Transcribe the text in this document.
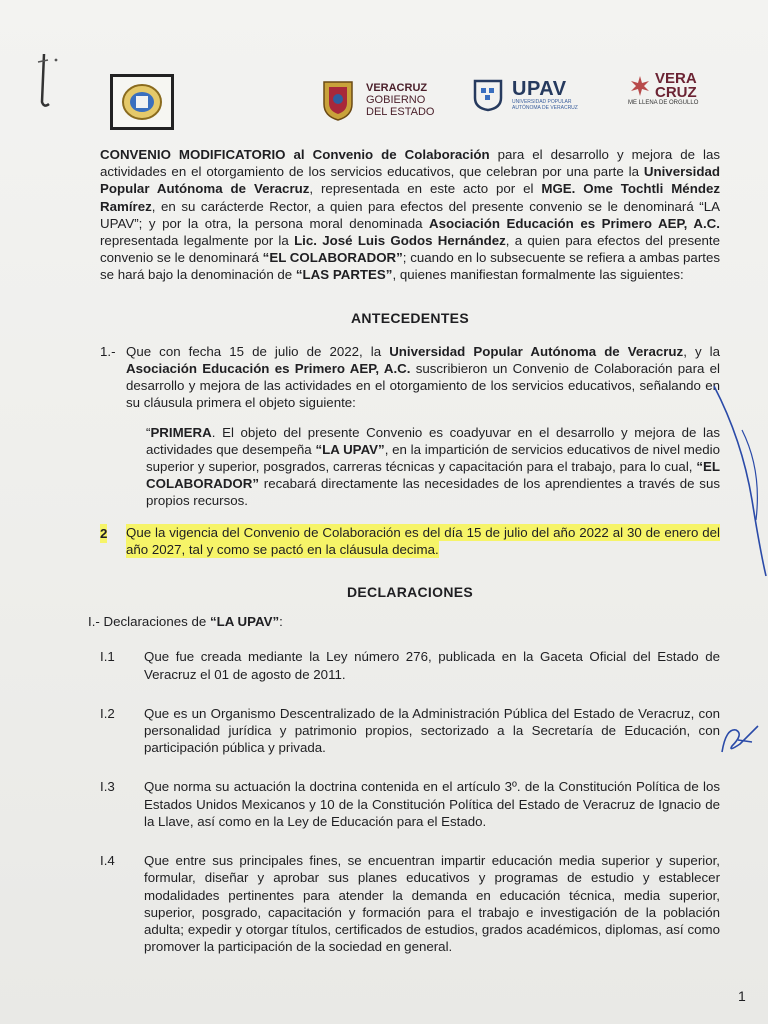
VERACRUZ
GOBIERNO
DEL ESTADO
UPAV
UNIVERSIDAD POPULAR AUTÓNOMA DE VERACRUZ
VERA
CRUZ
ME LLENA DE ORGULLO

CONVENIO MODIFICATORIO al Convenio de Colaboración para el desarrollo y mejora de las actividades en el otorgamiento de los servicios educativos, que celebran por una parte la Universidad Popular Autónoma de Veracruz, representada en este acto por el MGE. Ome Tochtli Méndez Ramírez, en su carácterde Rector, a quien para efectos del presente convenio se le denominará “LA UPAV”; y por la otra, la persona moral denominada Asociación Educación es Primero AEP, A.C. representada legalmente por la Lic. José Luis Godos Hernández, a quien para efectos del presente convenio se le denominará “EL COLABORADOR”; cuando en lo subsecuente se refiera a ambas partes se hará bajo la denominación de “LAS PARTES”, quienes manifiestan formalmente las siguientes:

ANTECEDENTES
1.- Que con fecha 15 de julio de 2022, la Universidad Popular Autónoma de Veracruz, y la Asociación Educación es Primero AEP, A.C. suscribieron un Convenio de Colaboración para el desarrollo y mejora de las actividades en el otorgamiento de los servicios educativos, señalando en su cláusula primera el objeto siguiente:

“PRIMERA. El objeto del presente Convenio es coadyuvar en el desarrollo y mejora de las actividades que desempeña “LA UPAV”, en la impartición de servicios educativos de nivel medio superior y superior, posgrados, carreras técnicas y capacitación para el trabajo, para lo cual, “EL COLABORADOR” recabará directamente las necesidades de los aprendientes a través de sus propios recursos.

2 Que la vigencia del Convenio de Colaboración es del día 15 de julio del año 2022 al 30 de enero del año 2027, tal y como se pactó en la cláusula decima.
DECLARACIONES
I.- Declaraciones de “LA UPAV”:
I.1 Que fue creada mediante la Ley número 276, publicada en la Gaceta Oficial del Estado de Veracruz el 01 de agosto de 2011.
I.2 Que es un Organismo Descentralizado de la Administración Pública del Estado de Veracruz, con personalidad jurídica y patrimonio propios, sectorizado a la Secretaría de Educación, con participación pública y privada.
I.3 Que norma su actuación la doctrina contenida en el artículo 3º. de la Constitución Política de los Estados Unidos Mexicanos y 10 de la Constitución Política del Estado de Veracruz de Ignacio de la Llave, así como en la Ley de Educación para el Estado.
I.4 Que entre sus principales fines, se encuentran impartir educación media superior y superior, formular, diseñar y aprobar sus planes educativos y programas de estudio y establecer modalidades pertinentes para atender la demanda en educación técnica, media superior, superior, posgrado, capacitación y formación para el trabajo e investigación de la población adulta; expedir y otorgar títulos, certificados de estudios, grados académicos, diplomas, así como promover la participación de la sociedad en general.
1
